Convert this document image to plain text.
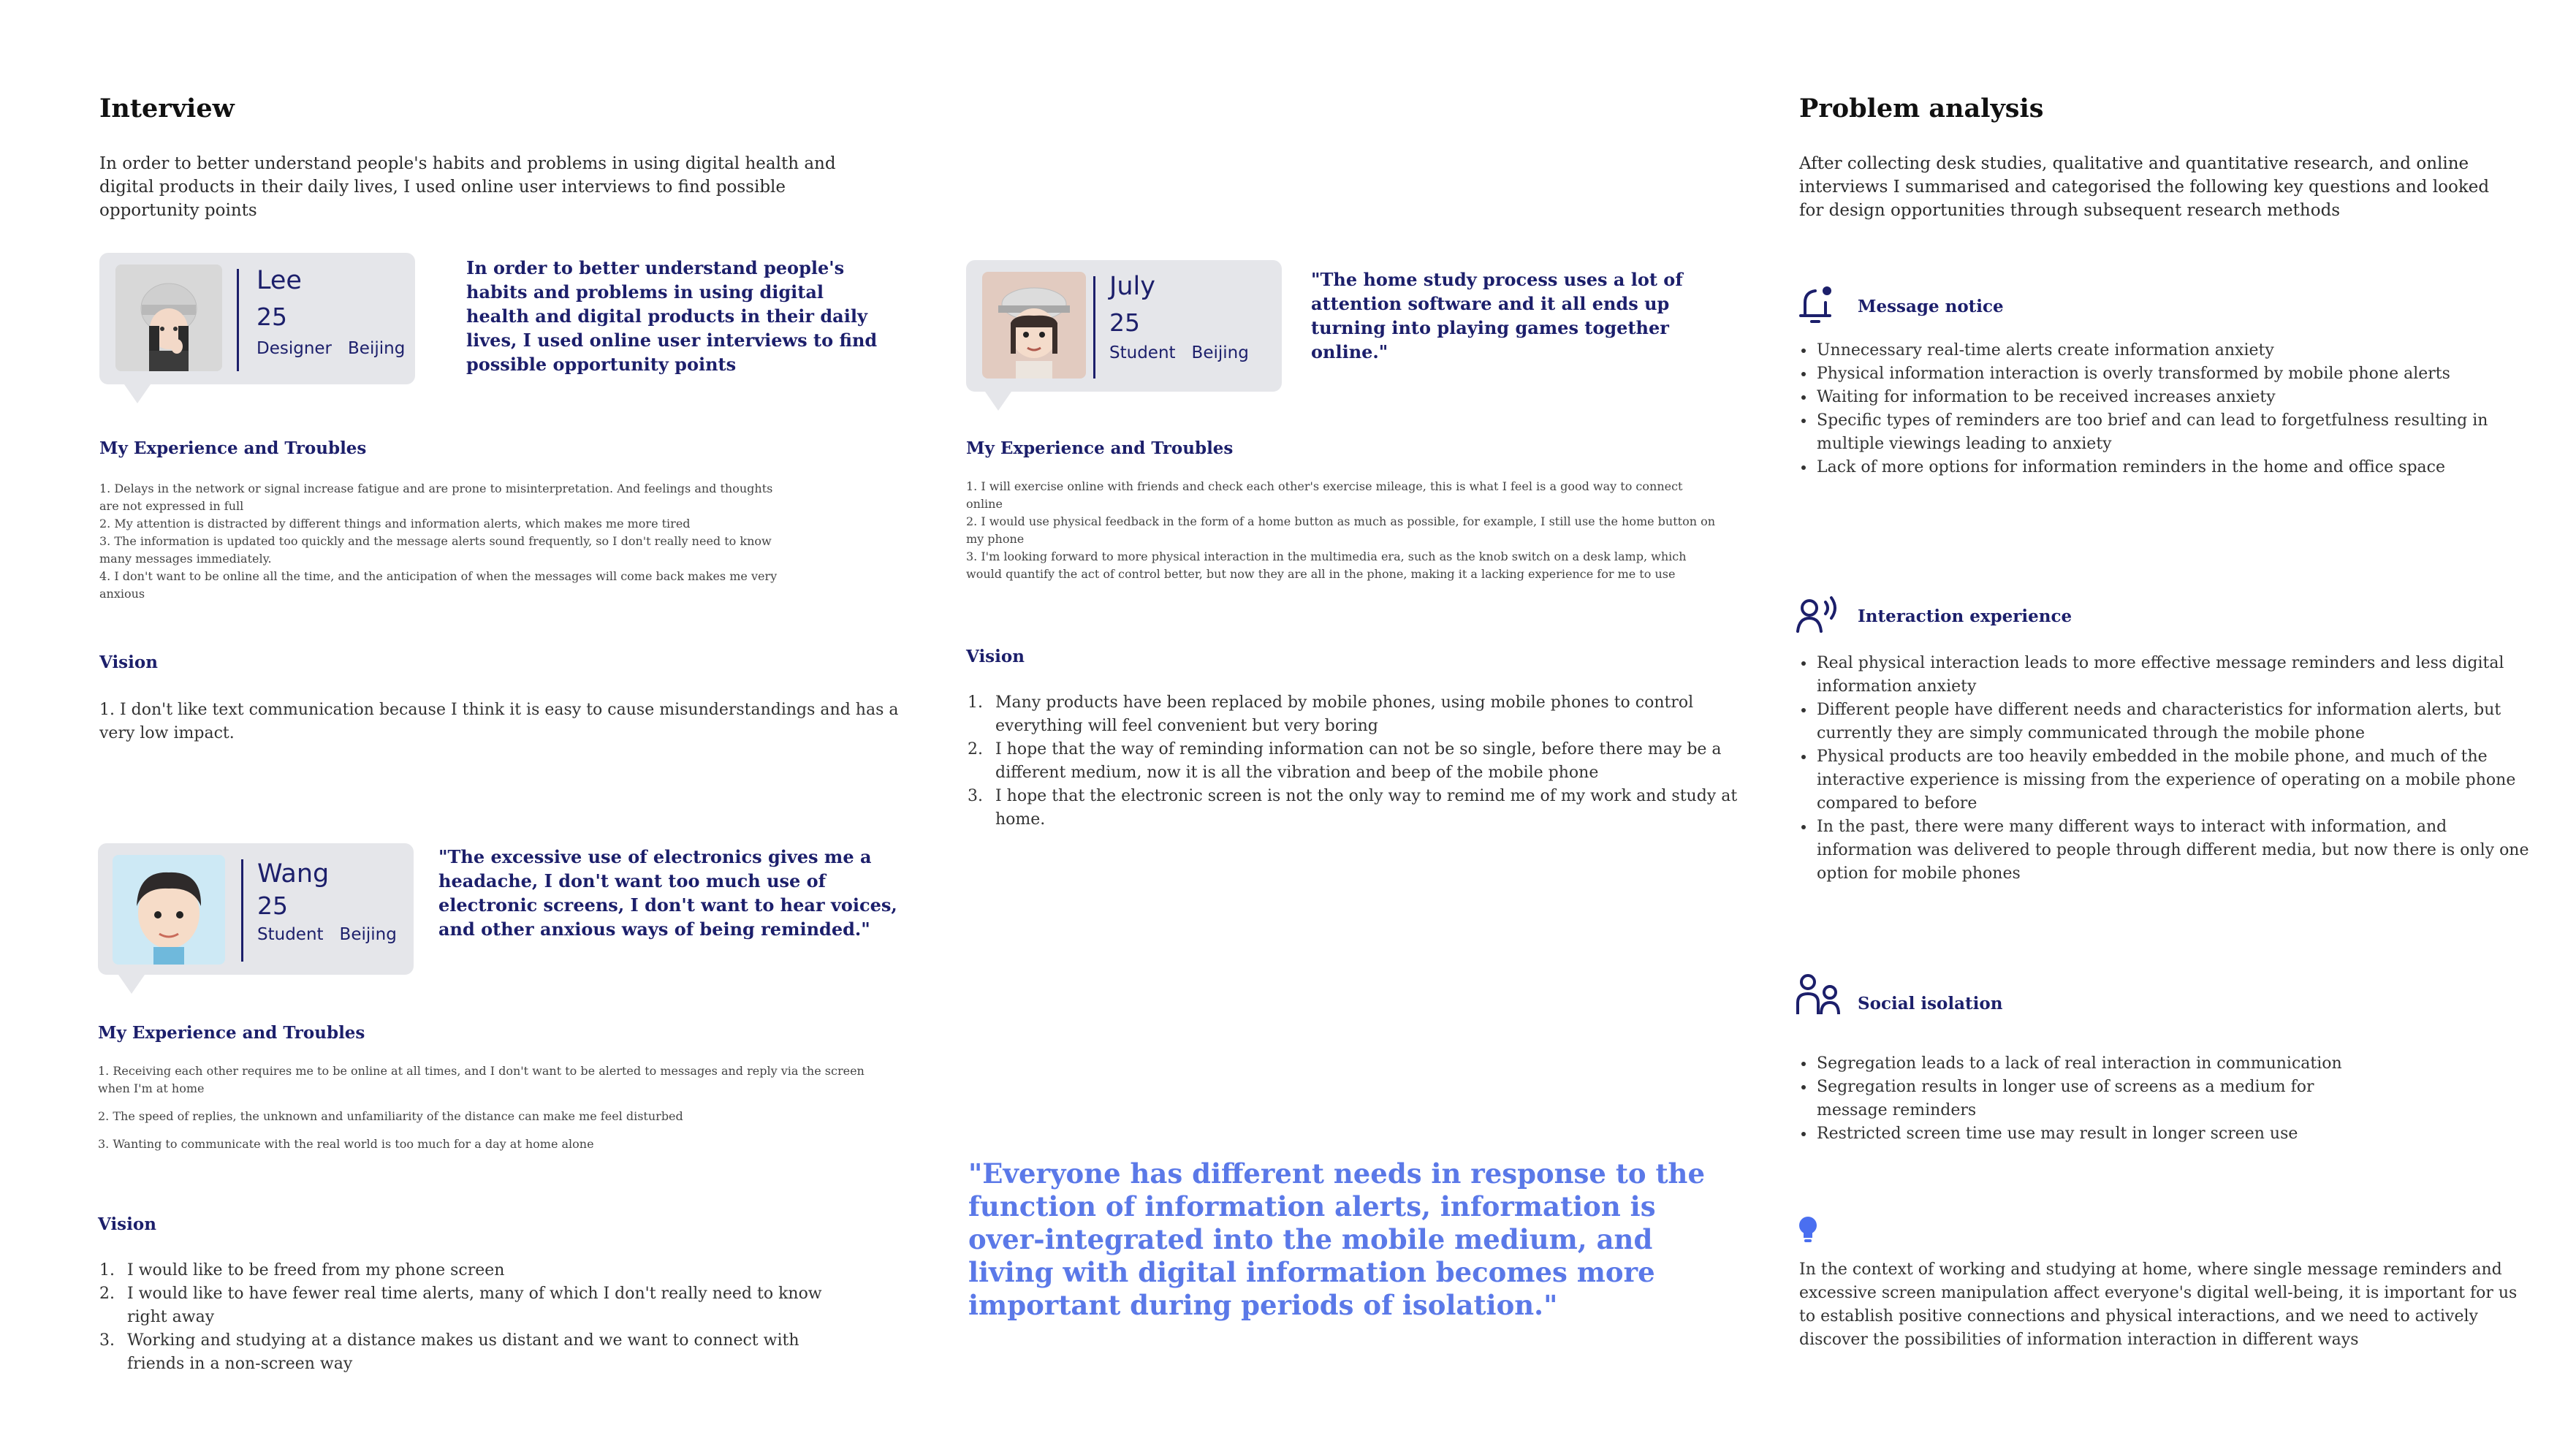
Interview

In order to better understand people's habits and problems in using digital health and digital products in their daily lives, I used online user interviews to find possible opportunity points

Lee
25
Designer Beijing

In order to better understand people's habits and problems in using digital health and digital products in their daily lives, I used online user interviews to find possible opportunity points

My Experience and Troubles

1. Delays in the network or signal increase fatigue and are prone to misinterpretation. And feelings and thoughts are not expressed in full

2. My attention is distracted by different things and information alerts, which makes me more tired

3. The information is updated too quickly and the message alerts sound frequently, so I don't really need to know many messages immediately.

4. I don't want to be online all the time, and the anticipation of when the messages will come back makes me very anxious

Vision

1. I don't like text communication because I think it is easy to cause misunderstandings and has a very low impact.

Wang
25
Student Beijing

"The excessive use of electronics gives me a headache, I don't want too much use of electronic screens, I don't want to hear voices, and other anxious ways of being reminded."

My Experience and Troubles

1. Receiving each other requires me to be online at all times, and I don't want to be alerted to messages and reply via the screen when I'm at home

2. The speed of replies, the unknown and unfamiliarity of the distance can make me feel disturbed

3. Wanting to communicate with the real world is too much for a day at home alone

Vision

1. I would like to be freed from my phone screen
2. I would like to have fewer real time alerts, many of which I don't really need to know right away
3. Working and studying at a distance makes us distant and we want to connect with friends in a non-screen way
July
25
Student Beijing

"The home study process uses a lot of attention software and it all ends up turning into playing games together online."

My Experience and Troubles

1. I will exercise online with friends and check each other's exercise mileage, this is what I feel is a good way to connect online

2. I would use physical feedback in the form of a home button as much as possible, for example, I still use the home button on my phone

3. I'm looking forward to more physical interaction in the multimedia era, such as the knob switch on a desk lamp, which would quantify the act of control better, but now they are all in the phone, making it a lacking experience for me to use

Vision

1. Many products have been replaced by mobile phones, using mobile phones to control everything will feel convenient but very boring
2. I hope that the way of reminding information can not be so single, before there may be a different medium, now it is all the vibration and beep of the mobile phone
3. I hope that the electronic screen is not the only way to remind me of my work and study at home.

"Everyone has different needs in response to the function of information alerts, information is over-integrated into the mobile medium, and living with digital information becomes more important during periods of isolation."

Problem analysis

After collecting desk studies, qualitative and quantitative research, and online interviews I summarised and categorised the following key questions and looked for design opportunities through subsequent research methods

Message notice
• Unnecessary real-time alerts create information anxiety
• Physical information interaction is overly transformed by mobile phone alerts
• Waiting for information to be received increases anxiety
• Specific types of reminders are too brief and can lead to forgetfulness resulting in multiple viewings leading to anxiety
• Lack of more options for information reminders in the home and office space
Interaction experience
• Real physical interaction leads to more effective message reminders and less digital information anxiety
• Different people have different needs and characteristics for information alerts, but currently they are simply communicated through the mobile phone
• Physical products are too heavily embedded in the mobile phone, and much of the interactive experience is missing from the experience of operating on a mobile phone compared to before
• In the past, there were many different ways to interact with information, and information was delivered to people through different media, but now there is only one option for mobile phones
Social isolation
• Segregation leads to a lack of real interaction in communication
• Segregation results in longer use of screens as a medium for message reminders
• Restricted screen time use may result in longer screen use

In the context of working and studying at home, where single message reminders and excessive screen manipulation affect everyone's digital well-being, it is important for us to establish positive connections and physical interactions, and we need to actively discover the possibilities of information interaction in different ways
